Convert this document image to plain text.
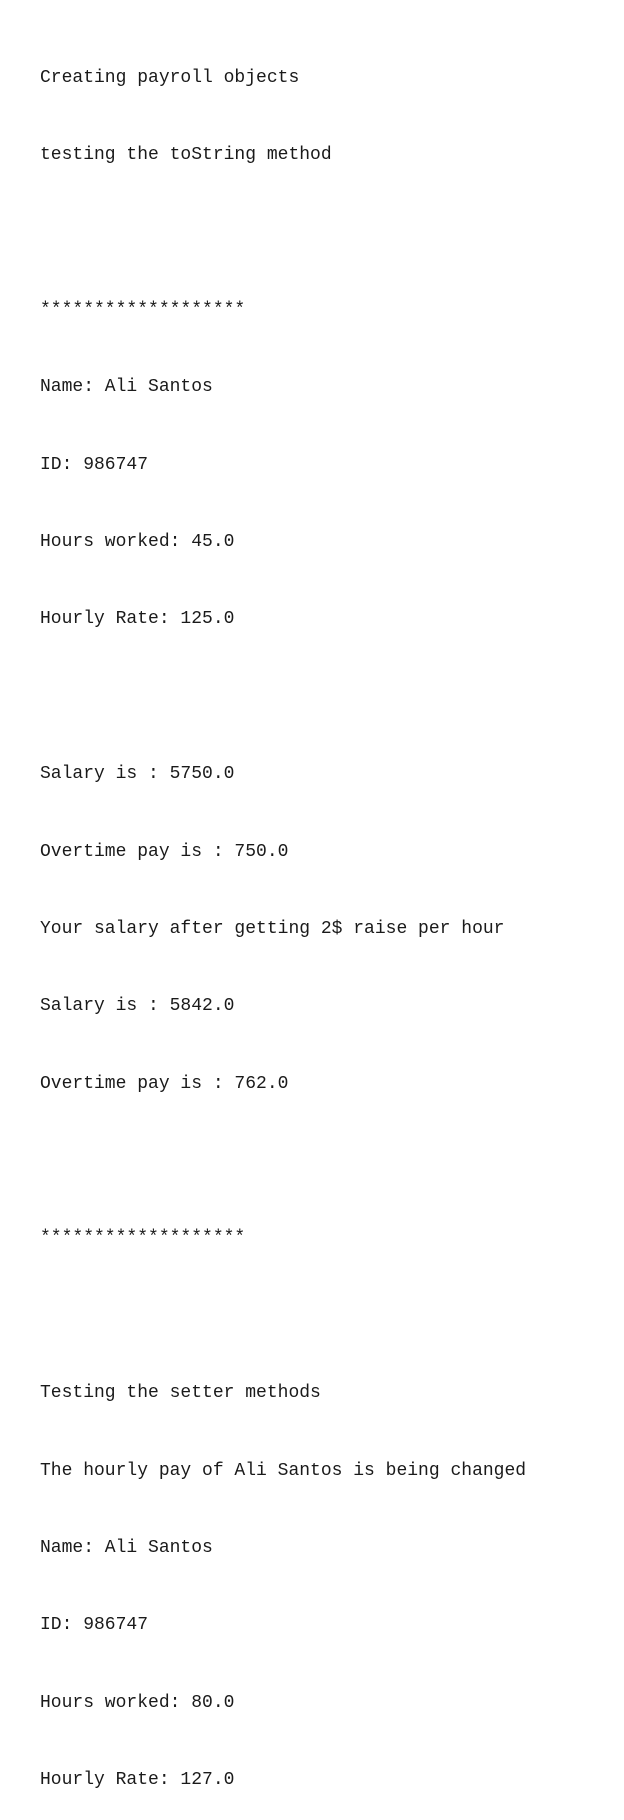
Creating payroll objects

testing the toString method

*******************

Name: Ali Santos

ID: 986747

Hours worked: 45.0

Hourly Rate: 125.0

Salary is : 5750.0

Overtime pay is : 750.0

Your salary after getting 2$ raise per hour

Salary is : 5842.0

Overtime pay is : 762.0

*******************

Testing the setter methods

The hourly pay of Ali Santos is being changed

Name: Ali Santos

ID: 986747

Hours worked: 80.0

Hourly Rate: 127.0
